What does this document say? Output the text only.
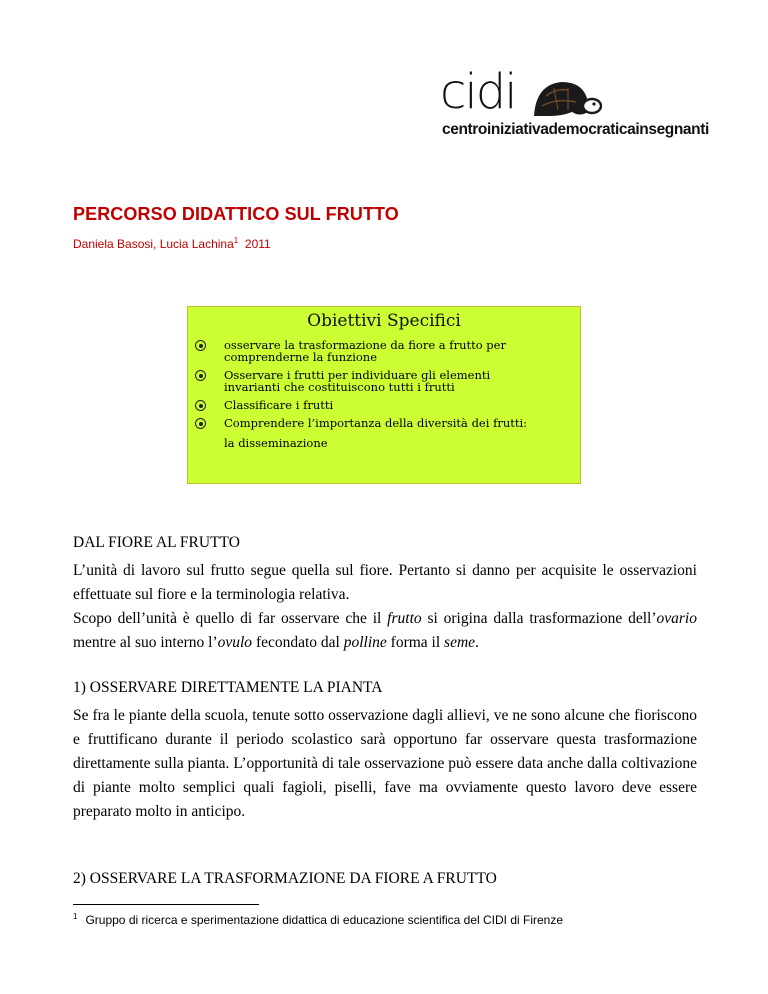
cidi
centroiniziativademocraticainsegnanti
PERCORSO DIDATTICO SUL FRUTTO
Daniela Basosi, Lucia Lachina$^1$ 2011
Obiettivi Specifici
osservare la trasformazione da fiore a frutto per
comprenderne la funzione
Osservare i frutti per individuare gli elementi
invarianti che costituiscono tutti i frutti
Classificare i frutti
Comprendere l’importanza della diversità dei frutti:
la disseminazione
DAL FIORE AL FRUTTO

L’unità di lavoro sul frutto segue quella sul fiore. Pertanto si danno per acquisite le osservazioni effettuate sul fiore e la terminologia relativa.

Scopo dell’unità è quello di far osservare che il frutto si origina dalla trasformazione dell’ovario mentre al suo interno l’ovulo fecondato dal polline forma il seme.

1) OSSERVARE DIRETTAMENTE LA PIANTA
Se fra le piante della scuola, tenute sotto osservazione dagli allievi, ve ne sono alcune che fioriscono e fruttificano durante il periodo scolastico sarà opportuno far osservare questa trasformazione direttamente sulla pianta. L’opportunità di tale osservazione può essere data anche dalla coltivazione di piante molto semplici quali fagioli, piselli, fave ma ovviamente questo lavoro deve essere preparato molto in anticipo.
2) OSSERVARE LA TRASFORMAZIONE DA FIORE A FRUTTO
$^1$ Gruppo di ricerca e sperimentazione didattica di educazione scientifica del CIDI di Firenze
